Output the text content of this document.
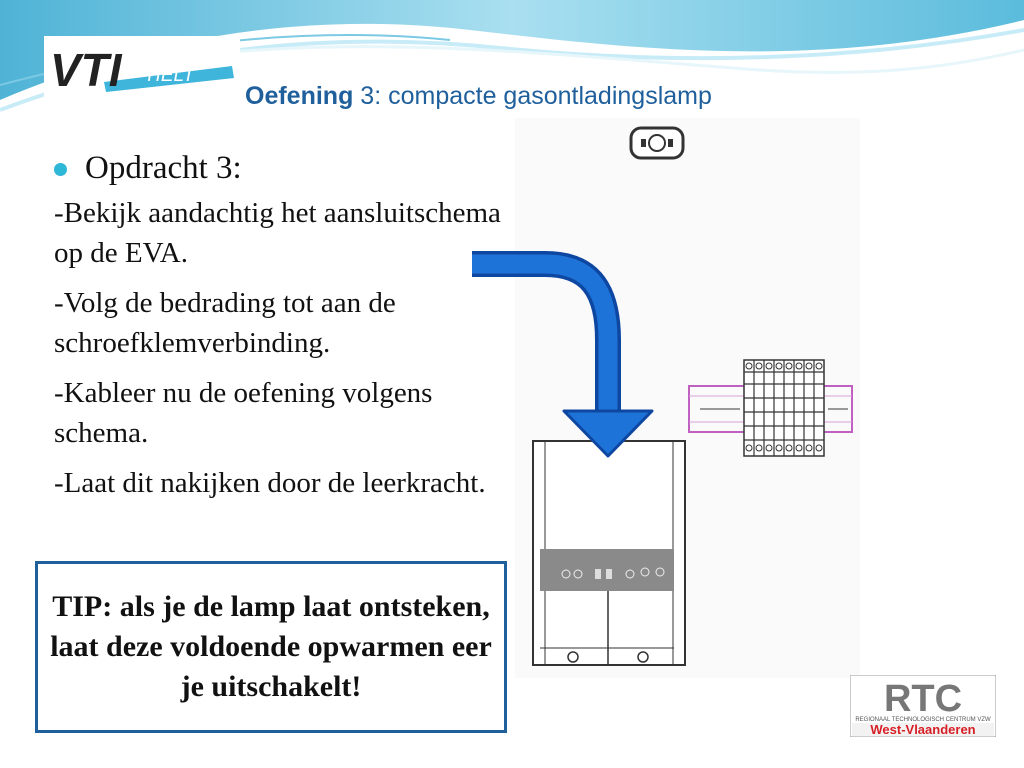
VTI TIELT
Oefening 3: compacte gasontladingslamp
Opdracht 3:

-Bekijk aandachtig het aansluitschema op de EVA.

-Volg de bedrading tot aan de schroefklemverbinding.

-Kableer nu de oefening volgens schema.

-Laat dit nakijken door de leerkracht.

TIP: als je de lamp laat ontsteken, laat deze voldoende opwarmen eer je uitschakelt!	RTC
REGIONAAL TECHNOLOGISCH CENTRUM VZW
West-Vlaanderen
